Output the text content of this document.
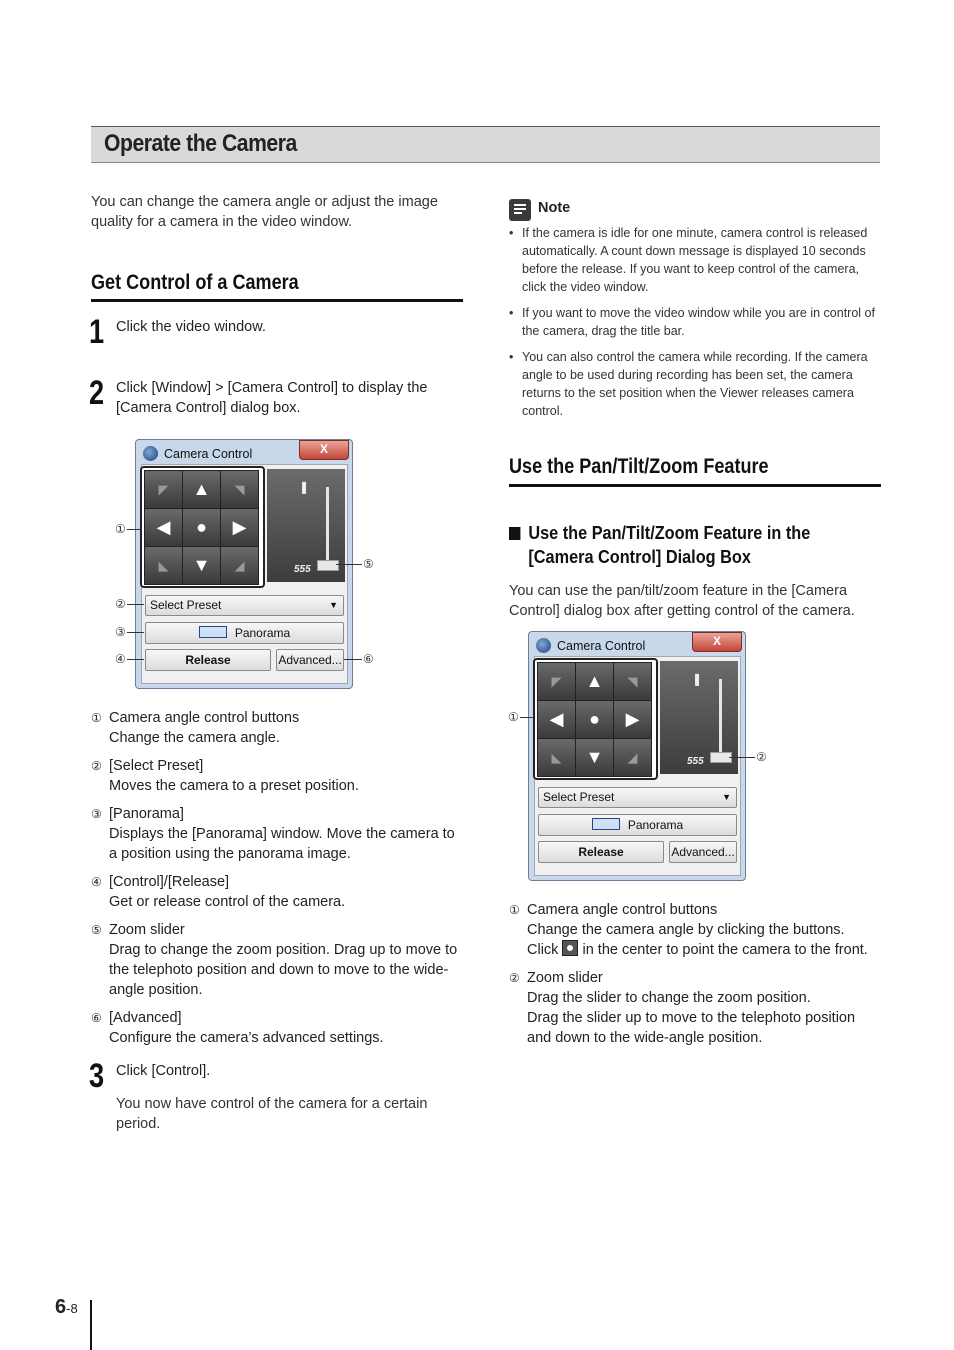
Operate the Camera
You can change the camera angle or adjust the image quality for a camera in the video window.
Get Control of a Camera
1 Click the video window.
2 Click [Window] > [Camera Control] to display the [Camera Control] dialog box.
Camera Control	X
◤	▲	◥
◀	●	▶
◣	▼	◢
❚
555
Select Preset	▼
Panorama
Release	Advanced...
①
②
③
④
⑤
⑥
① Camera angle control buttons
Change the camera angle.
② [Select Preset]
Moves the camera to a preset position.
③ [Panorama]
Displays the [Panorama] window. Move the camera to a position using the panorama image.
④ [Control]/[Release]
Get or release control of the camera.
⑤ Zoom slider
Drag to change the zoom position. Drag up to move to the telephoto position and down to move to the wide-angle position.
⑥ [Advanced]
Configure the camera’s advanced settings.
3 Click [Control].
You now have control of the camera for a certain period.
Note
• If the camera is idle for one minute, camera control is released automatically. A count down message is displayed 10 seconds before the release. If you want to keep control of the camera, click the video window.
• If you want to move the video window while you are in control of the camera, drag the title bar.
• You can also control the camera while recording. If the camera angle to be used during recording has been set, the camera returns to the set position when the Viewer releases camera control.
Use the Pan/Tilt/Zoom Feature
Use the Pan/Tilt/Zoom Feature in the [Camera Control] Dialog Box
You can use the pan/tilt/zoom feature in the [Camera Control] dialog box after getting control of the camera.
Camera Control	X
◤	▲	◥
◀	●	▶
◣	▼	◢
❚
555
Select Preset	▼
Panorama
Release	Advanced...
①
②
① Camera angle control buttons
Change the camera angle by clicking the buttons.
Click in the center to point the camera to the front.
② Zoom slider
Drag the slider to change the zoom position.
Drag the slider up to move to the telephoto position and down to the wide-angle position.
6-8
